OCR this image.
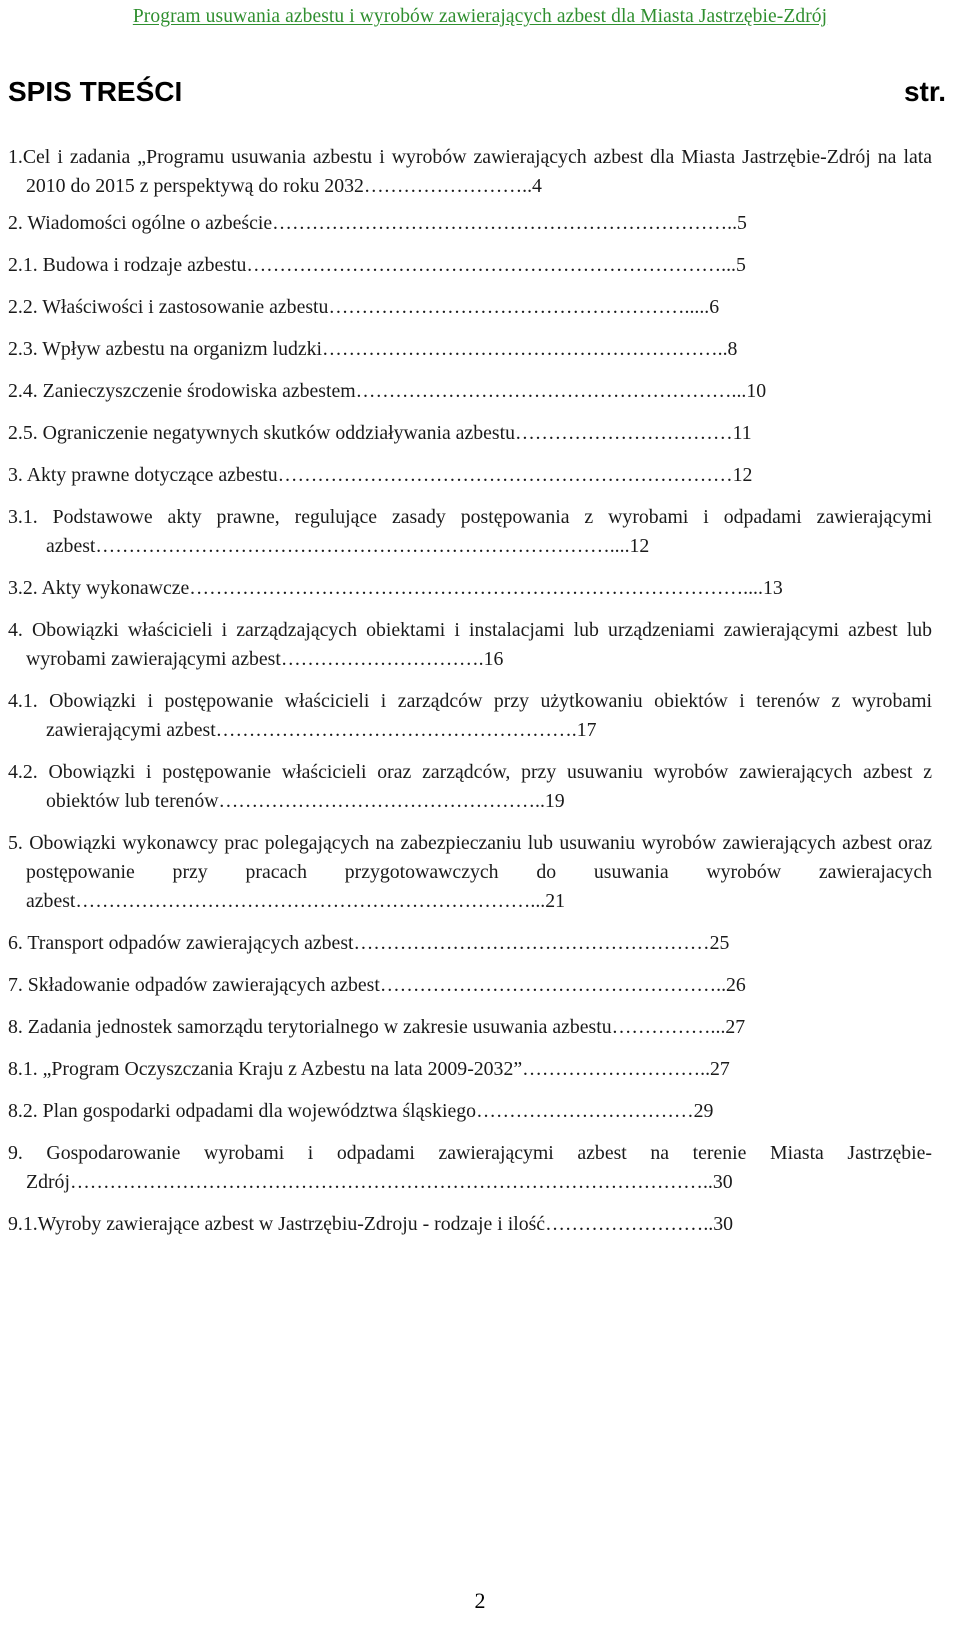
Program usuwania azbestu i wyrobów zawierających azbest dla Miasta Jastrzębie-Zdrój
SPIS TREŚCI	str.
1.Cel i zadania „Programu usuwania azbestu i wyrobów zawierających azbest dla Miasta Jastrzębie-Zdrój na lata 2010 do 2015 z perspektywą do roku 2032……………………..4
2. Wiadomości ogólne o azbeście……………………………………………………………..5
2.1. Budowa i rodzaje azbestu………………………………………………………………...5
2.2. Właściwości i zastosowanie azbestu……………………………………………….....6
2.3. Wpływ azbestu na organizm ludzki……………………………………………………..8
2.4. Zanieczyszczenie środowiska azbestem…………………………………………………...10
2.5. Ograniczenie negatywnych skutków oddziaływania azbestu……………………………11
3. Akty prawne dotyczące azbestu……………………………………………………………12
3.1. Podstawowe akty prawne, regulujące zasady postępowania z wyrobami i odpadami zawierającymi azbest……………………………………………………………………....12
3.2. Akty wykonawcze…………………………………………………………………………....13
4. Obowiązki właścicieli i zarządzających obiektami i instalacjami lub urządzeniami zawierającymi azbest lub wyrobami zawierającymi azbest………………………….16
4.1. Obowiązki i postępowanie właścicieli i zarządców przy użytkowaniu obiektów i terenów z wyrobami zawierającymi azbest……………………………………………….17
4.2. Obowiązki i postępowanie właścicieli oraz zarządców, przy usuwaniu wyrobów zawierających azbest z obiektów lub terenów…………………………………………..19
5. Obowiązki wykonawcy prac polegających na zabezpieczaniu lub usuwaniu wyrobów zawierających azbest oraz postępowanie przy pracach przygotowawczych do usuwania wyrobów zawierajacych azbest……………………………………………………………...21
6. Transport odpadów zawierających azbest………………………………………………25
7. Składowanie odpadów zawierających azbest……………………………………………..26
8. Zadania jednostek samorządu terytorialnego w zakresie usuwania azbestu……………...27
8.1. „Program Oczyszczania Kraju z Azbestu na lata 2009-2032”………………………..27
8.2. Plan gospodarki odpadami dla województwa śląskiego……………………………29
9. Gospodarowanie wyrobami i odpadami zawierającymi azbest na terenie Miasta Jastrzębie-Zdrój……………………………………………………………………………………..30
9.1.Wyroby zawierające azbest w Jastrzębiu-Zdroju - rodzaje i ilość……………………..30
2
